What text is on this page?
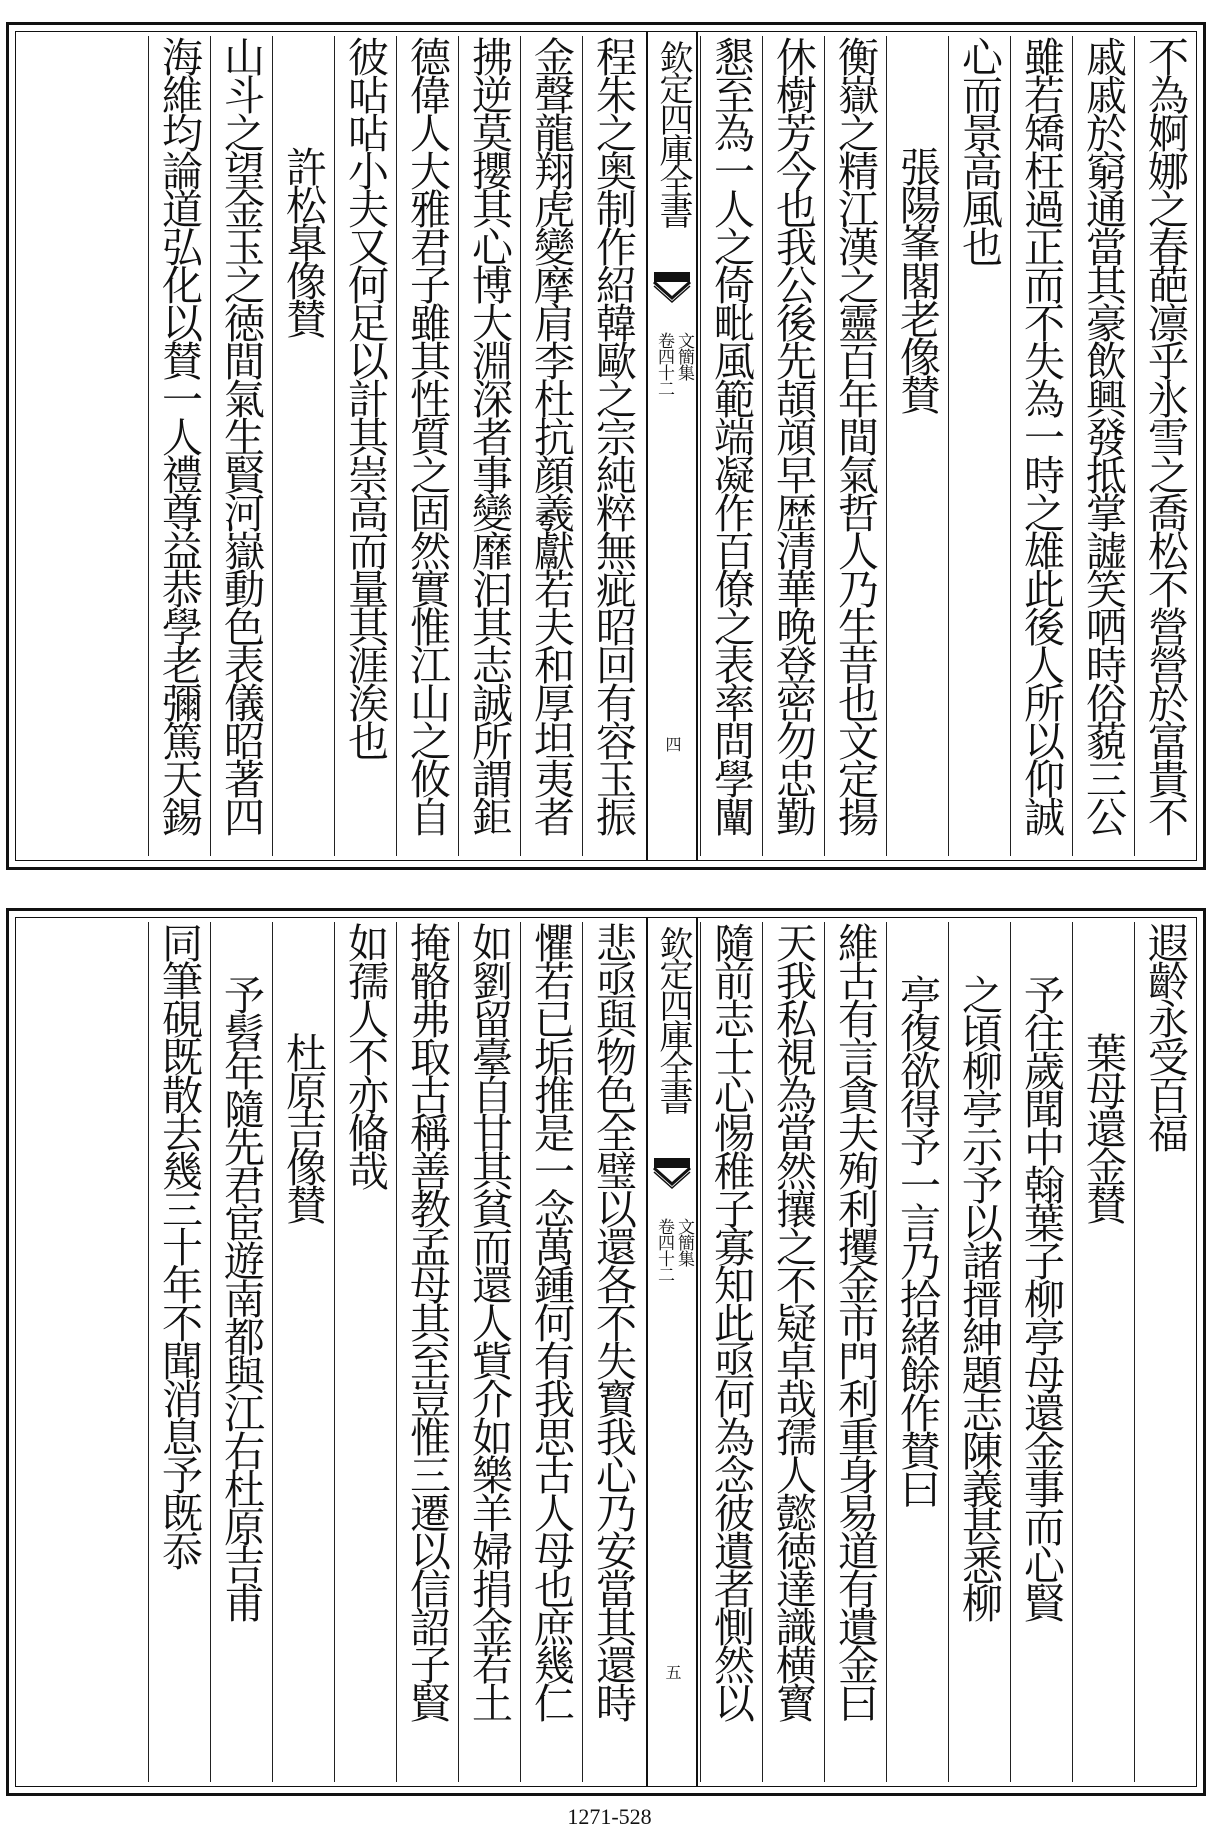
不為婀娜之春葩凛乎氷雪之喬松不營營於富貴不
戚戚於窮通當其豪飲興發抵掌譃笑哂時俗藐三公
雖若矯枉過正而不失為一時之雄此後人所以仰誠
心而景高風也
張陽峯閣老像賛
衡嶽之精江漢之靈百年間氣哲人乃生昔也文定揚
休樹芳今也我公後先頡頏早歴清華晚登密勿忠勤
懇至為一人之倚毗風範端凝作百僚之表率問學闡
欽定四庫全書
文簡集
卷四十二
四
程朱之奥制作紹韓歐之宗純粹無疵昭回有容玉振
金聲龍翔虎變摩肩李杜抗顔羲獻若夫和厚坦夷者
拂逆莫攖其心博大淵深者事變靡汩其志誠所謂鉅
德偉人大雅君子雖其性質之固然實惟江山之攸自
彼呫呫小夫又何足以計其崇高而量其涯涘也
許松臯像賛
山斗之望金玉之徳間氣生賢河嶽動色表儀昭著四
海維均論道弘化以賛一人禮尊益恭學老彌篤天錫
遐齡永受百福
葉母還金賛
予往歲聞中翰葉子柳亭母還金事而心賢
之頃柳亭示予以諸搢紳題志陳義甚悉柳
亭復欲得予一言乃拾緒餘作賛曰
維古有言貪夫殉利攫金市門利重身易道有遺金曰
天我私視為當然攘之不疑卓哉孺人懿徳達識横寳
隨前志士心惕稚子寡知此亟何為念彼遺者惻然以
欽定四庫全書
文簡集
卷四十二
五
悲亟與物色全璧以還各不失寳我心乃安當其還時
懼若已垢推是一念萬鍾何有我思古人母也庶幾仁
如劉留臺自甘其貧而還人貲介如樂羊婦捐金若土
掩骼弗取古稱善教孟母其至豈惟三遷以信詔子賢
如孺人不亦偹哉
杜原吉像賛
予髫年隨先君宦遊南都與江右杜原吉甫
同筆硯既散去幾三十年不聞消息予既忝
1271-528
